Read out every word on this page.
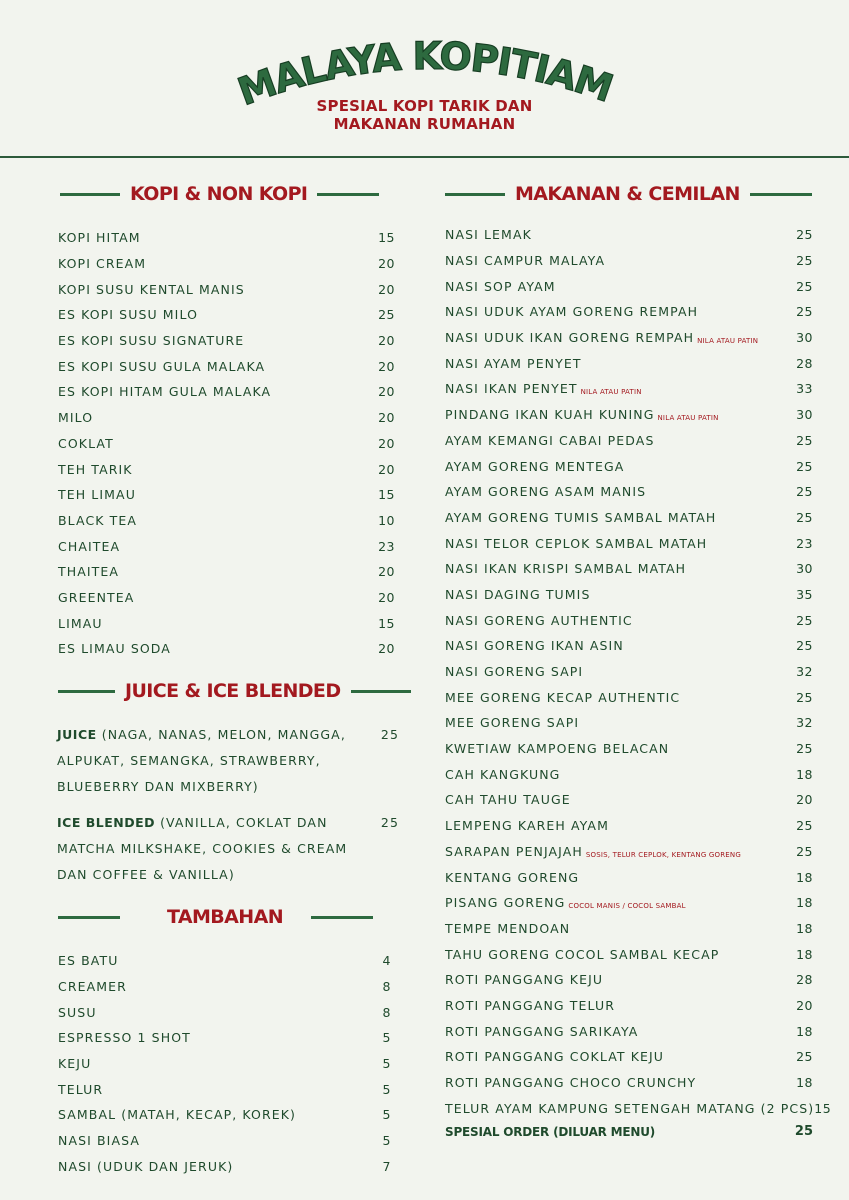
MALAYA KOPITIAM
SPESIAL KOPI TARIK DAN
MAKANAN RUMAHAN
KOPI & NON KOPI
KOPI HITAM	15
KOPI CREAM	20
KOPI SUSU KENTAL MANIS	20
ES KOPI SUSU MILO	25
ES KOPI SUSU SIGNATURE	20
ES KOPI SUSU GULA MALAKA	20
ES KOPI HITAM GULA MALAKA	20
MILO	20
COKLAT	20
TEH TARIK	20
TEH LIMAU	15
BLACK TEA	10
CHAITEA	23
THAITEA	20
GREENTEA	20
LIMAU	15
ES LIMAU SODA	20
JUICE & ICE BLENDED
JUICE (NAGA, NANAS, MELON, MANGGA, ALPUKAT, SEMANGKA, STRAWBERRY, BLUEBERRY DAN MIXBERRY)
25
ICE BLENDED (VANILLA, COKLAT DAN MATCHA MILKSHAKE, COOKIES & CREAM DAN COFFEE & VANILLA)
25
TAMBAHAN
ES BATU	4
CREAMER	8
SUSU	8
ESPRESSO 1 SHOT	5
KEJU	5
TELUR	5
SAMBAL (MATAH, KECAP, KOREK)	5
NASI BIASA	5
NASI (UDUK DAN JERUK)	7
MAKANAN & CEMILAN
NASI LEMAK	25
NASI CAMPUR MALAYA	25
NASI SOP AYAM	25
NASI UDUK AYAM GORENG REMPAH	25
NASI UDUK IKAN GORENG REMPAH NILA ATAU PATIN	30
NASI AYAM PENYET	28
NASI IKAN PENYET NILA ATAU PATIN	33
PINDANG IKAN KUAH KUNING NILA ATAU PATIN	30
AYAM KEMANGI CABAI PEDAS	25
AYAM GORENG MENTEGA	25
AYAM GORENG ASAM MANIS	25
AYAM GORENG TUMIS SAMBAL MATAH	25
NASI TELOR CEPLOK SAMBAL MATAH	23
NASI IKAN KRISPI SAMBAL MATAH	30
NASI DAGING TUMIS	35
NASI GORENG AUTHENTIC	25
NASI GORENG IKAN ASIN	25
NASI GORENG SAPI	32
MEE GORENG KECAP AUTHENTIC	25
MEE GORENG SAPI	32
KWETIAW KAMPOENG BELACAN	25
CAH KANGKUNG	18
CAH TAHU TAUGE	20
LEMPENG KAREH AYAM	25
SARAPAN PENJAJAH SOSIS, TELUR CEPLOK, KENTANG GORENG	25
KENTANG GORENG	18
PISANG GORENG COCOL MANIS / COCOL SAMBAL	18
TEMPE MENDOAN	18
TAHU GORENG COCOL SAMBAL KECAP	18
ROTI PANGGANG KEJU	28
ROTI PANGGANG TELUR	20
ROTI PANGGANG SARIKAYA	18
ROTI PANGGANG COKLAT KEJU	25
ROTI PANGGANG CHOCO CRUNCHY	18
TELUR AYAM KAMPUNG SETENGAH MATANG (2 PCS) 15
SPESIAL ORDER (DILUAR MENU)	25
